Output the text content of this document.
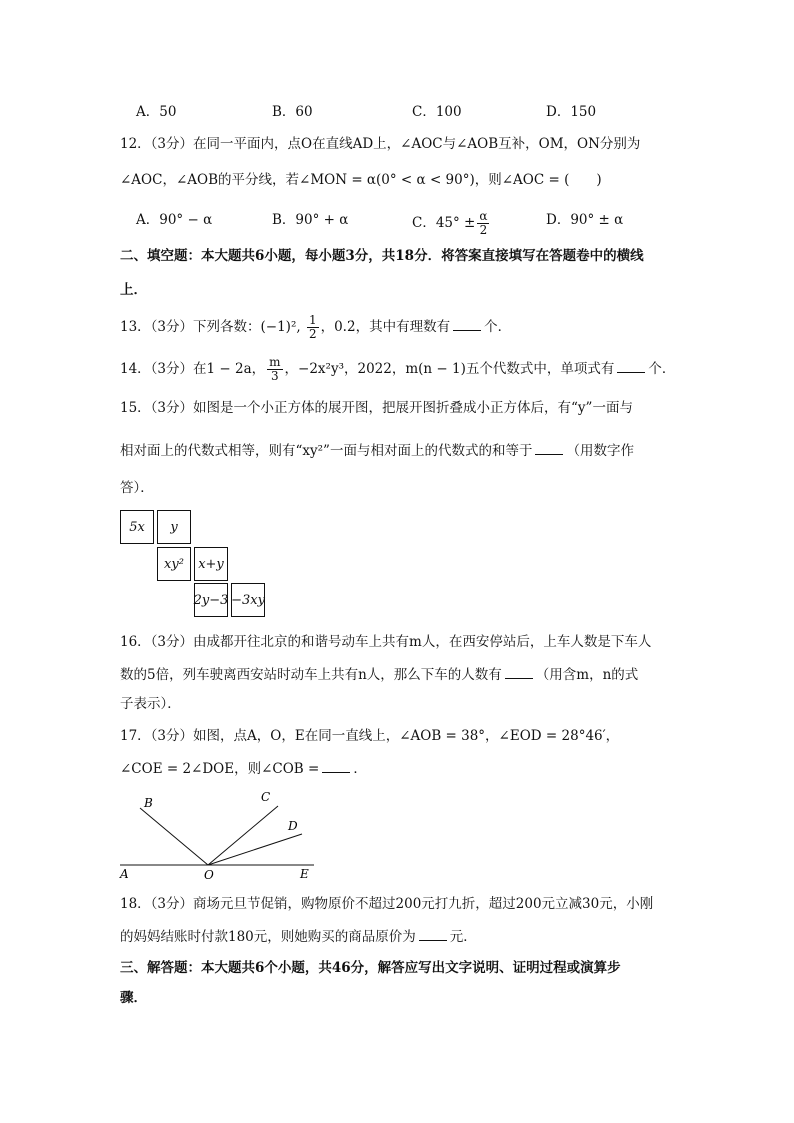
A．50	B．60	C．100	D．150
12．（3分）在同一平面内，点O在直线AD上，∠AOC与∠AOB互补，OM，ON分别为
∠AOC，∠AOB的平分线，若∠MON = α(0° < α < 90°)，则∠AOC = (　　)
A．90° − α	B．90° + α	C．$45^\circ \pm \frac{\alpha}{2}$	D．90° ± α
二、填空题：本大题共6小题，每小题3分，共18分．将答案直接填写在答题卷中的横线
上．
13．（3分）下列各数：(−1)², $\frac{1}{2}$ ，0.2̇，其中有理数有	个．
14．（3分）在1 − 2a， $\frac{m}{3}$ ，−2x²y³，2022，m(n − 1)五个代数式中，单项式有	个．
15．（3分）如图是一个小正方体的展开图，把展开图折叠成小正方体后，有“y”一面与
相对面上的代数式相等，则有“xy²”一面与相对面上的代数式的和等于	（用数字作
答）．
5x	y
xy²	x+y
2y−3 −3xy
16．（3分）由成都开往北京的和谐号动车上共有m人，在西安停站后，上车人数是下车人
数的5倍，列车驶离西安站时动车上共有n人，那么下车的人数有	（用含m，n的式
子表示）．
17．（3分）如图，点A，O，E在同一直线上，∠AOB = 38°，∠EOD = 28°46′，
∠COE = 2∠DOE，则∠COB =	．
B	C
D
A	O	E
18．（3分）商场元旦节促销，购物原价不超过200元打九折，超过200元立减30元，小刚
的妈妈结账时付款180元，则她购买的商品原价为	元．
三、解答题：本大题共6个小题，共46分，解答应写出文字说明、证明过程或演算步
骤．
